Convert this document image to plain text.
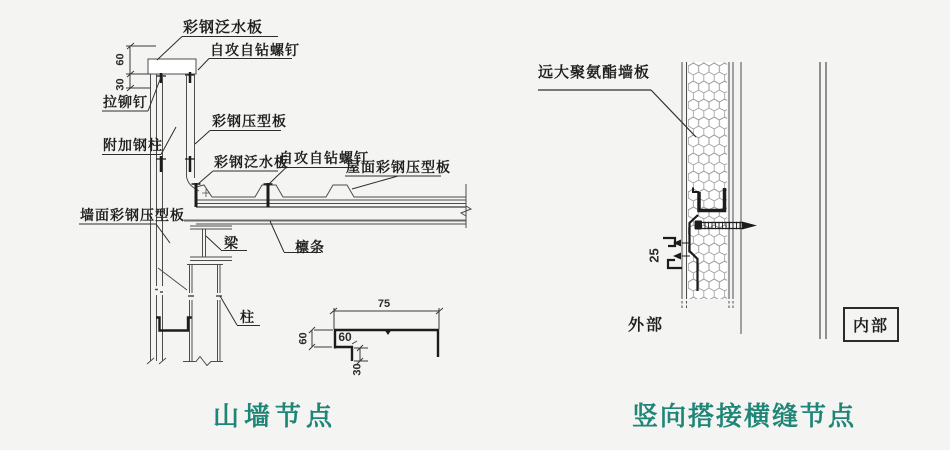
彩钢泛水板
自攻自钻螺钉
拉铆钉
附加钢柱
彩钢压型板
彩钢泛水板
自攻自钻螺钉
屋面彩钢压型板
墙面彩钢压型板
梁	檩条
柱
60
30
75
60 60
30
山墙节点
远大聚氨酯墙板
25
外部	内部
竖向搭接横缝节点
